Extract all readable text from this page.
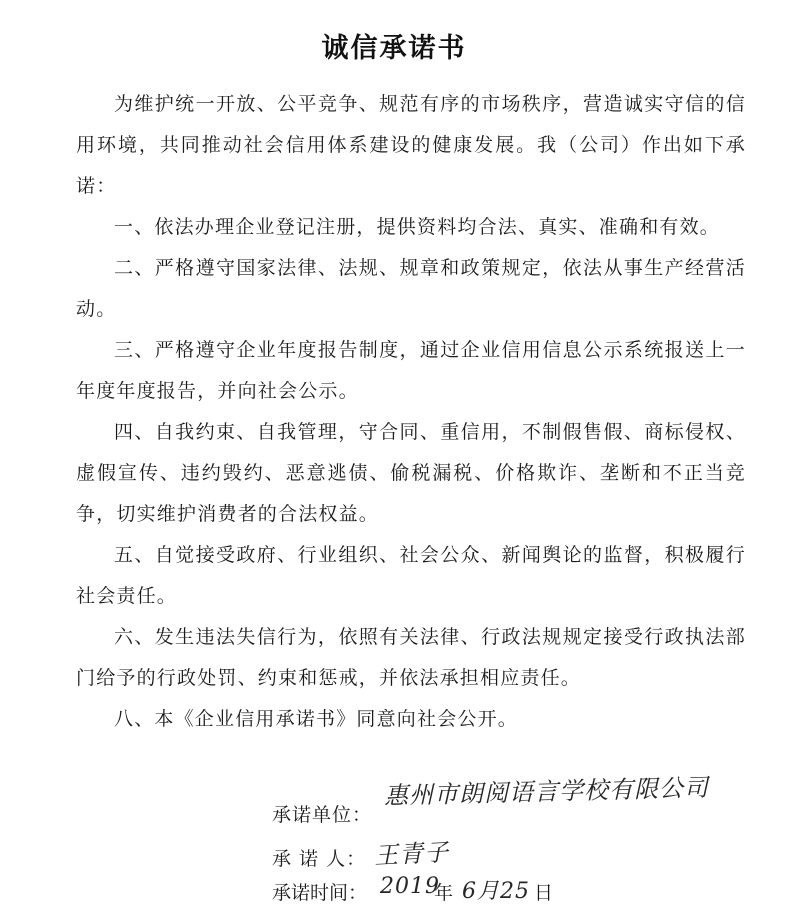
诚信承诺书

为维护统一开放、公平竞争、规范有序的市场秩序，营造诚实守信的信用环境，共同推动社会信用体系建设的健康发展。我（公司）作出如下承诺：

一、依法办理企业登记注册，提供资料均合法、真实、准确和有效。

二、严格遵守国家法律、法规、规章和政策规定，依法从事生产经营活动。

三、严格遵守企业年度报告制度，通过企业信用信息公示系统报送上一年度年度报告，并向社会公示。

四、自我约束、自我管理，守合同、重信用，不制假售假、商标侵权、虚假宣传、违约毁约、恶意逃债、偷税漏税、价格欺诈、垄断和不正当竞争，切实维护消费者的合法权益。

五、自觉接受政府、行业组织、社会公众、新闻舆论的监督，积极履行社会责任。

六、发生违法失信行为，依照有关法律、行政法规规定接受行政执法部门给予的行政处罚、约束和惩戒，并依法承担相应责任。

八、本《企业信用承诺书》同意向社会公开。

承诺单位：
惠州市朗阅语言学校有限公司
承 诺 人： 王青子
承诺时间： 2019
年 6月25 日
